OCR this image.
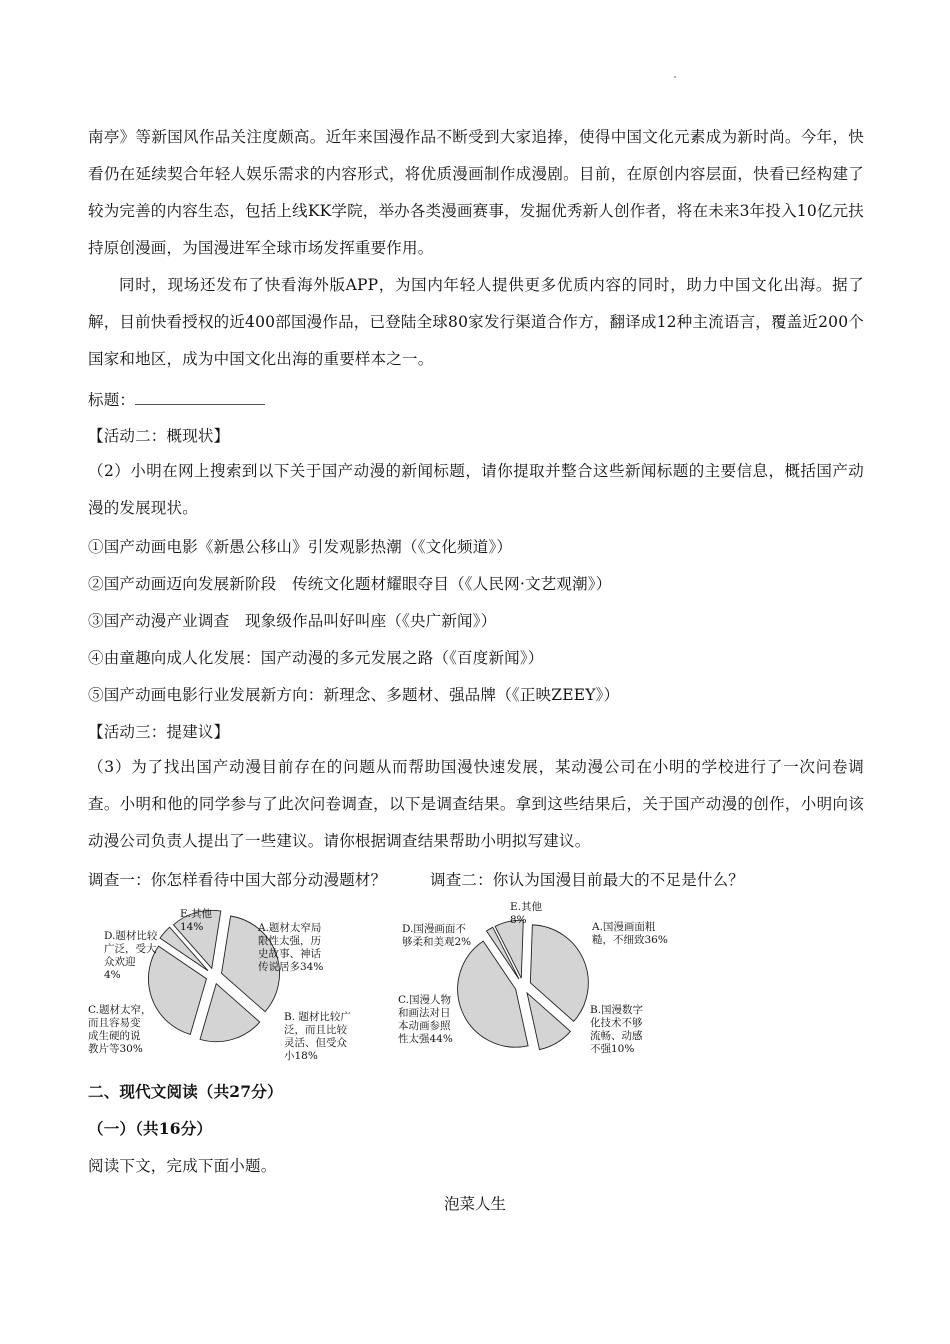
南亭》等新国风作品关注度颇高。近年来国漫作品不断受到大家追捧，使得中国文化元素成为新时尚。今年，快看仍在延续契合年轻人娱乐需求的内容形式，将优质漫画制作成漫剧。目前，在原创内容层面，快看已经构建了较为完善的内容生态，包括上线KK学院，举办各类漫画赛事，发掘优秀新人创作者，将在未来3年投入10亿元扶持原创漫画，为国漫进军全球市场发挥重要作用。

同时，现场还发布了快看海外版APP，为国内年轻人提供更多优质内容的同时，助力中国文化出海。据了解，目前快看授权的近400部国漫作品，已登陆全球80家发行渠道合作方，翻译成12种主流语言，覆盖近200个国家和地区，成为中国文化出海的重要样本之一。

标题：
【活动二：概现状】

（2）小明在网上搜索到以下关于国产动漫的新闻标题，请你提取并整合这些新闻标题的主要信息，概括国产动漫的发展现状。

①国产动画电影《新愚公移山》引发观影热潮（《文化频道》）
②国产动画迈向发展新阶段　传统文化题材耀眼夺目（《人民网·文艺观潮》）
③国产动漫产业调查　现象级作品叫好叫座（《央广新闻》）
④由童趣向成人化发展：国产动漫的多元发展之路（《百度新闻》）
⑤国产动画电影行业发展新方向：新理念、多题材、强品牌（《正映ZEEY》）
【活动三：提建议】

（3）为了找出国产动漫目前存在的问题从而帮助国漫快速发展，某动漫公司在小明的学校进行了一次问卷调查。小明和他的同学参与了此次问卷调查，以下是调查结果。拿到这些结果后，关于国产动漫的创作，小明向该动漫公司负责人提出了一些建议。请你根据调查结果帮助小明拟写建议。

调查一：你怎样看待中国大部分动漫题材？	调查二：你认为国漫目前最大的不足是什么？
A.题材太窄局限性太强，历史故事、神话传说居多34%
B. 题材比较广泛，而且比较灵活、但受众小18%
C.题材太窄，而且容易变成生硬的说教片等30%
D.题材比较广泛，受大众欢迎 4%
E.其他 14%	A.国漫画面粗糙，不细致36%
B.国漫数字化技术不够流畅、动感不强10%
C.国漫人物和画法对日本动画参照性太强44%
D.国漫画面不够柔和美观2%
E.其他 8%
二、现代文阅读（共27分）
（一）（共16分）
阅读下文，完成下面小题。
泡菜人生
